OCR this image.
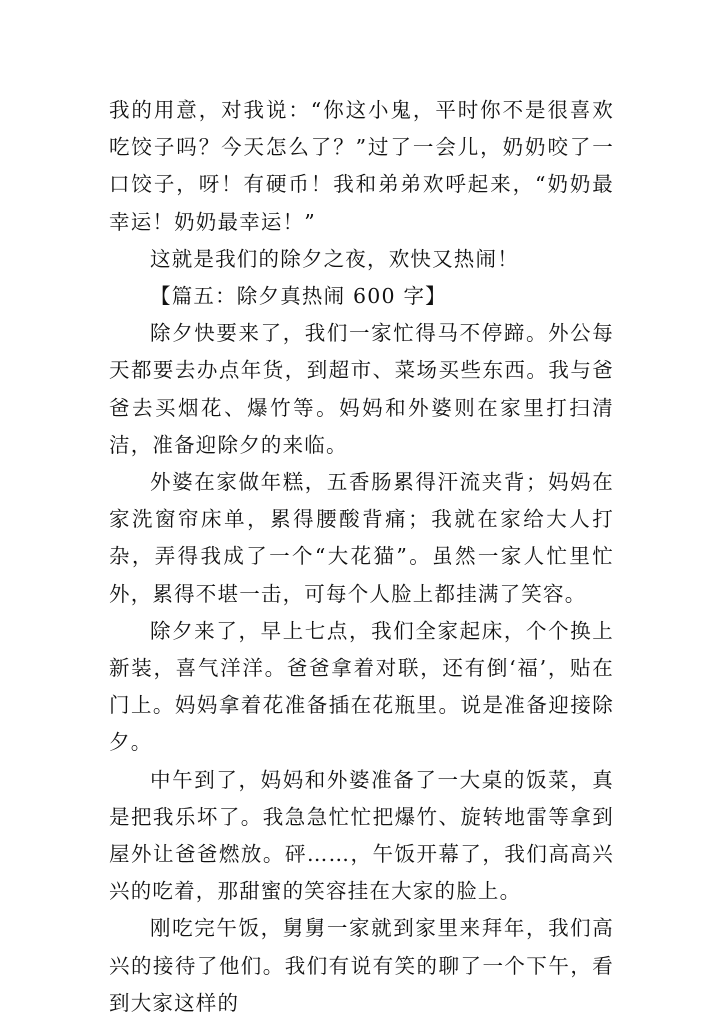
我的用意，对我说：“你这小鬼，平时你不是很喜欢吃饺子吗？今天怎么了？”过了一会儿，奶奶咬了一口饺子，呀！有硬币！我和弟弟欢呼起来，“奶奶最幸运！奶奶最幸运！”

这就是我们的除夕之夜，欢快又热闹！

【篇五：除夕真热闹 600 字】

除夕快要来了，我们一家忙得马不停蹄。外公每天都要去办点年货，到超市、菜场买些东西。我与爸爸去买烟花、爆竹等。妈妈和外婆则在家里打扫清洁，准备迎除夕的来临。

外婆在家做年糕，五香肠累得汗流夹背；妈妈在家洗窗帘床单，累得腰酸背痛；我就在家给大人打杂，弄得我成了一个“大花猫”。虽然一家人忙里忙外，累得不堪一击，可每个人脸上都挂满了笑容。

除夕来了，早上七点，我们全家起床，个个换上新装，喜气洋洋。爸爸拿着对联，还有倒‘福’，贴在门上。妈妈拿着花准备插在花瓶里。说是准备迎接除夕。

中午到了，妈妈和外婆准备了一大桌的饭菜，真是把我乐坏了。我急急忙忙把爆竹、旋转地雷等拿到屋外让爸爸燃放。砰……，午饭开幕了，我们高高兴兴的吃着，那甜蜜的笑容挂在大家的脸上。

刚吃完午饭，舅舅一家就到家里来拜年，我们高兴的接待了他们。我们有说有笑的聊了一个下午，看到大家这样的
